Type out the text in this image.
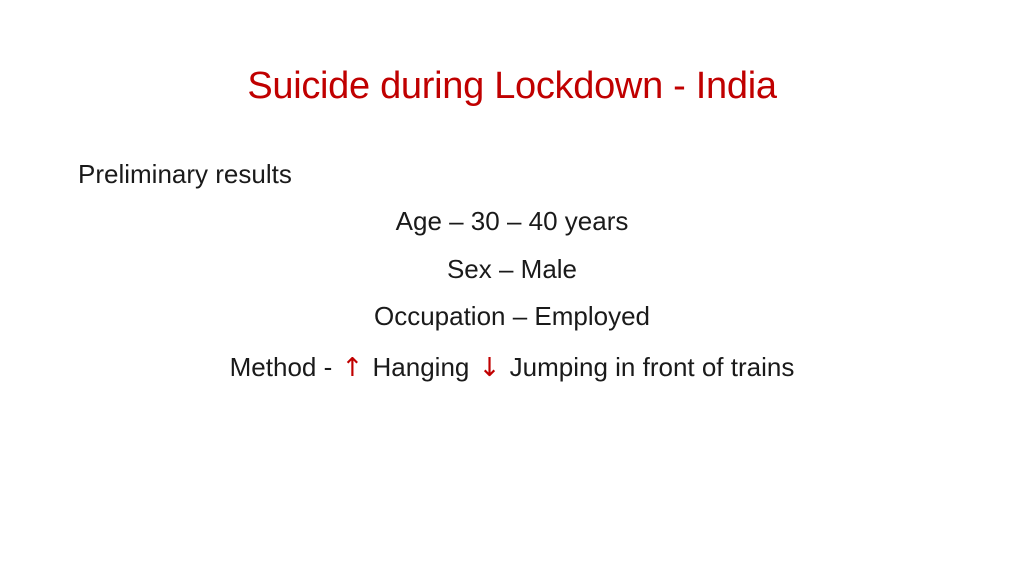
Suicide during Lockdown - India
Preliminary results
Age – 30 – 40 years
Sex – Male
Occupation – Employed
Method - ↑ Hanging ↓ Jumping in front of trains
